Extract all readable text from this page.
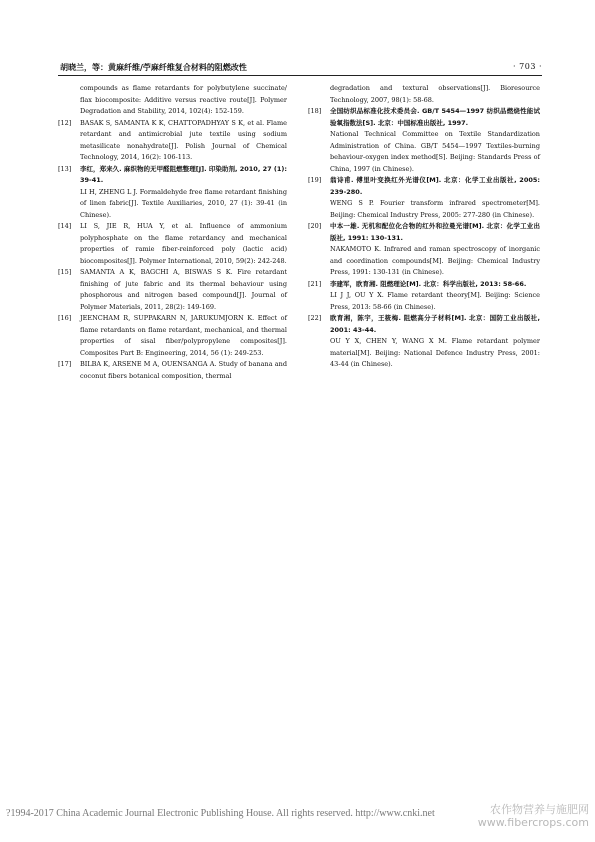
胡晓兰，等：黄麻纤维/苧麻纤维复合材料的阻燃改性	· 703 ·
compounds as flame retardants for polybutylene succinate/ flax biocomposite: Additive versus reactive route[J]. Polymer Degradation and Stability, 2014, 102(4): 152-159.
[12] BASAK S, SAMANTA K K, CHATTOPADHYAY S K, et al. Flame retardant and antimicrobial jute textile using sodium metasilicate nonahydrate[J]. Polish Journal of Chemical Technology, 2014, 16(2): 106-113.
[13] 李红，郑来久. 麻织物的无甲醛阻燃整理[J]. 印染助剂, 2010, 27 (1): 39-41.
LI H, ZHENG L J. Formaldehyde free flame retardant finishing of linen fabric[J]. Textile Auxiliaries, 2010, 27 (1): 39-41 (in Chinese).
[14] LI S, JIE R, HUA Y, et al. Influence of ammonium polyphosphate on the flame retardancy and mechanical properties of ramie fiber-reinforced poly (lactic acid) biocomposites[J]. Polymer International, 2010, 59(2): 242-248.
[15] SAMANTA A K, BAGCHI A, BISWAS S K. Fire retardant finishing of jute fabric and its thermal behaviour using phosphorous and nitrogen based compound[J]. Journal of Polymer Materials, 2011, 28(2): 149-169.
[16] JEENCHAM R, SUPPAKARN N, JARUKUMJORN K. Effect of flame retardants on flame retardant, mechanical, and thermal properties of sisal fiber/polypropylene composites[J]. Composites Part B: Engineering, 2014, 56 (1): 249-253.
[17] BILBA K, ARSENE M A, OUENSANGA A. Study of banana and coconut fibers botanical composition, thermal
degradation and textural observations[J]. Bioresource Technology, 2007, 98(1): 58-68.
[18] 全国纺织品标准化技术委员会. GB/T 5454—1997 纺织品燃烧性能试验氧指数法[S]. 北京：中国标准出版社, 1997.
National Technical Committee on Textile Standardization Administration of China. GB/T 5454—1997 Textiles-burning behaviour-oxygen index method[S]. Beijing: Standards Press of China, 1997 (in Chinese).
[19] 翁诗甫. 傅里叶变换红外光谱仪[M]. 北京：化学工业出版社, 2005: 239-280.
WENG S P. Fourier transform infrared spectrometer[M]. Beijing: Chemical Industry Press, 2005: 277-280 (in Chinese).
[20] 中本一雄. 无机和配位化合物的红外和拉曼光谱[M]. 北京：化学工业出版社, 1991: 130-131.
NAKAMOTO K. Infrared and raman spectroscopy of inorganic and coordination compounds[M]. Beijing: Chemical Industry Press, 1991: 130-131 (in Chinese).
[21] 李建军，欧育湘. 阻燃理论[M]. 北京：科学出版社, 2013: 58-66.
LI J J, OU Y X. Flame retardant theory[M]. Beijing: Science Press, 2013: 58-66 (in Chinese).
[22] 欧育湘，陈宇，王筱梅. 阻燃高分子材料[M]. 北京：国防工业出版社, 2001: 43-44.
OU Y X, CHEN Y, WANG X M. Flame retardant polymer material[M]. Beijing: National Defence Industry Press, 2001: 43-44 (in Chinese).
?1994-2017 China Academic Journal Electronic Publishing House. All rights reserved. http://www.cnki.net	农作物营养与施肥网
www.fibercrops.com
